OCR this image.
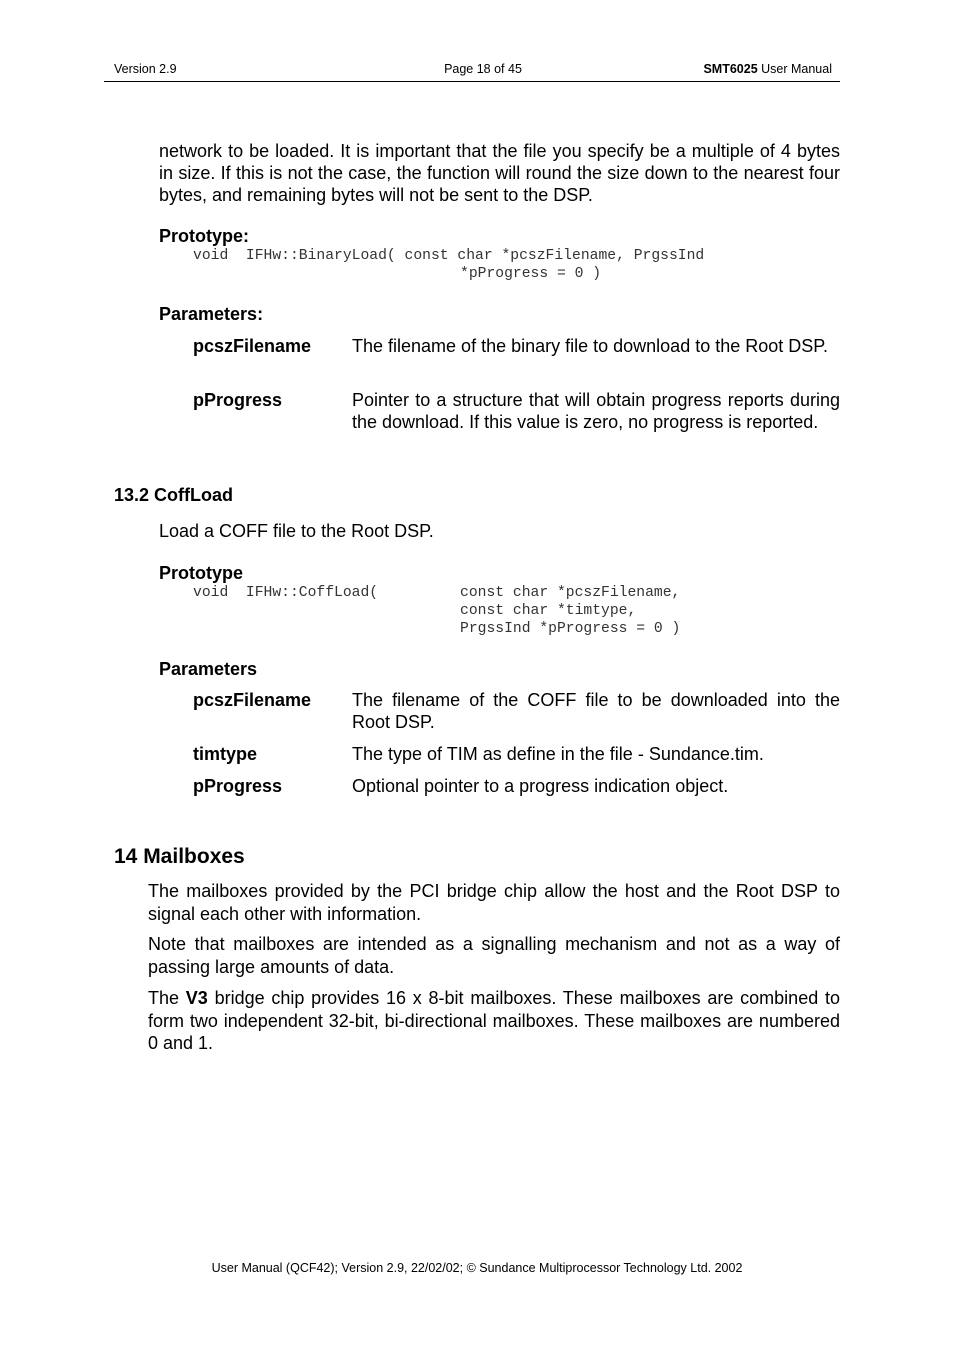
Version 2.9	Page 18 of 45	SMT6025 User Manual

network to be loaded. It is important that the file you specify be a multiple of 4 bytes in size. If this is not the case, the function will round the size down to the nearest four bytes, and remaining bytes will not be sent to the DSP.

Prototype:
void  IFHw::BinaryLoad( const char *pcszFilename, PrgssInd
*pProgress = 0 )
Parameters:
pcszFilename The filename of the binary file to download to the Root DSP.
pProgress	Pointer to a structure that will obtain progress reports during the download. If this value is zero, no progress is reported.
13.2 CoffLoad
Load a COFF file to the Root DSP.
Prototype
void  IFHw::CoffLoad(	const char *pcszFilename,
const char *timtype,
PrgssInd *pProgress = 0 )
Parameters
pcszFilename The filename of the COFF file to be downloaded into the Root DSP.
timtype	The type of TIM as define in the file - Sundance.tim.
pProgress	Optional pointer to a progress indication object.
14 Mailboxes

The mailboxes provided by the PCI bridge chip allow the host and the Root DSP to signal each other with information.

Note that mailboxes are intended as a signalling mechanism and not as a way of passing large amounts of data.

The V3 bridge chip provides 16 x 8-bit mailboxes. These mailboxes are combined to form two independent 32-bit, bi-directional mailboxes. These mailboxes are numbered 0 and 1.

User Manual (QCF42); Version 2.9, 22/02/02; © Sundance Multiprocessor Technology Ltd. 2002
